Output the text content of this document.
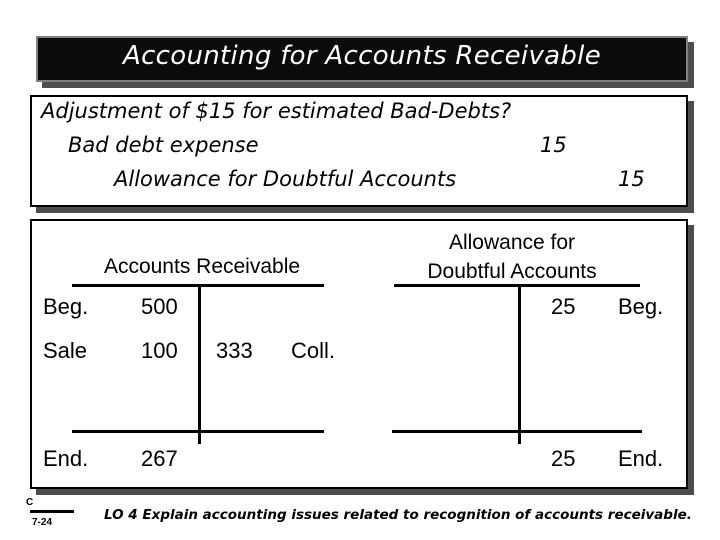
Accounting for Accounts Receivable
Adjustment of $15 for estimated Bad-Debts?
Bad debt expense	15
Allowance for Doubtful Accounts	15
Accounts Receivable
Beg. 500
Sale 100 333 Coll.
End. 267
Allowance for
Doubtful Accounts
25 Beg.
25 End.
C
7-24	LO 4 Explain accounting issues related to recognition of accounts receivable.
